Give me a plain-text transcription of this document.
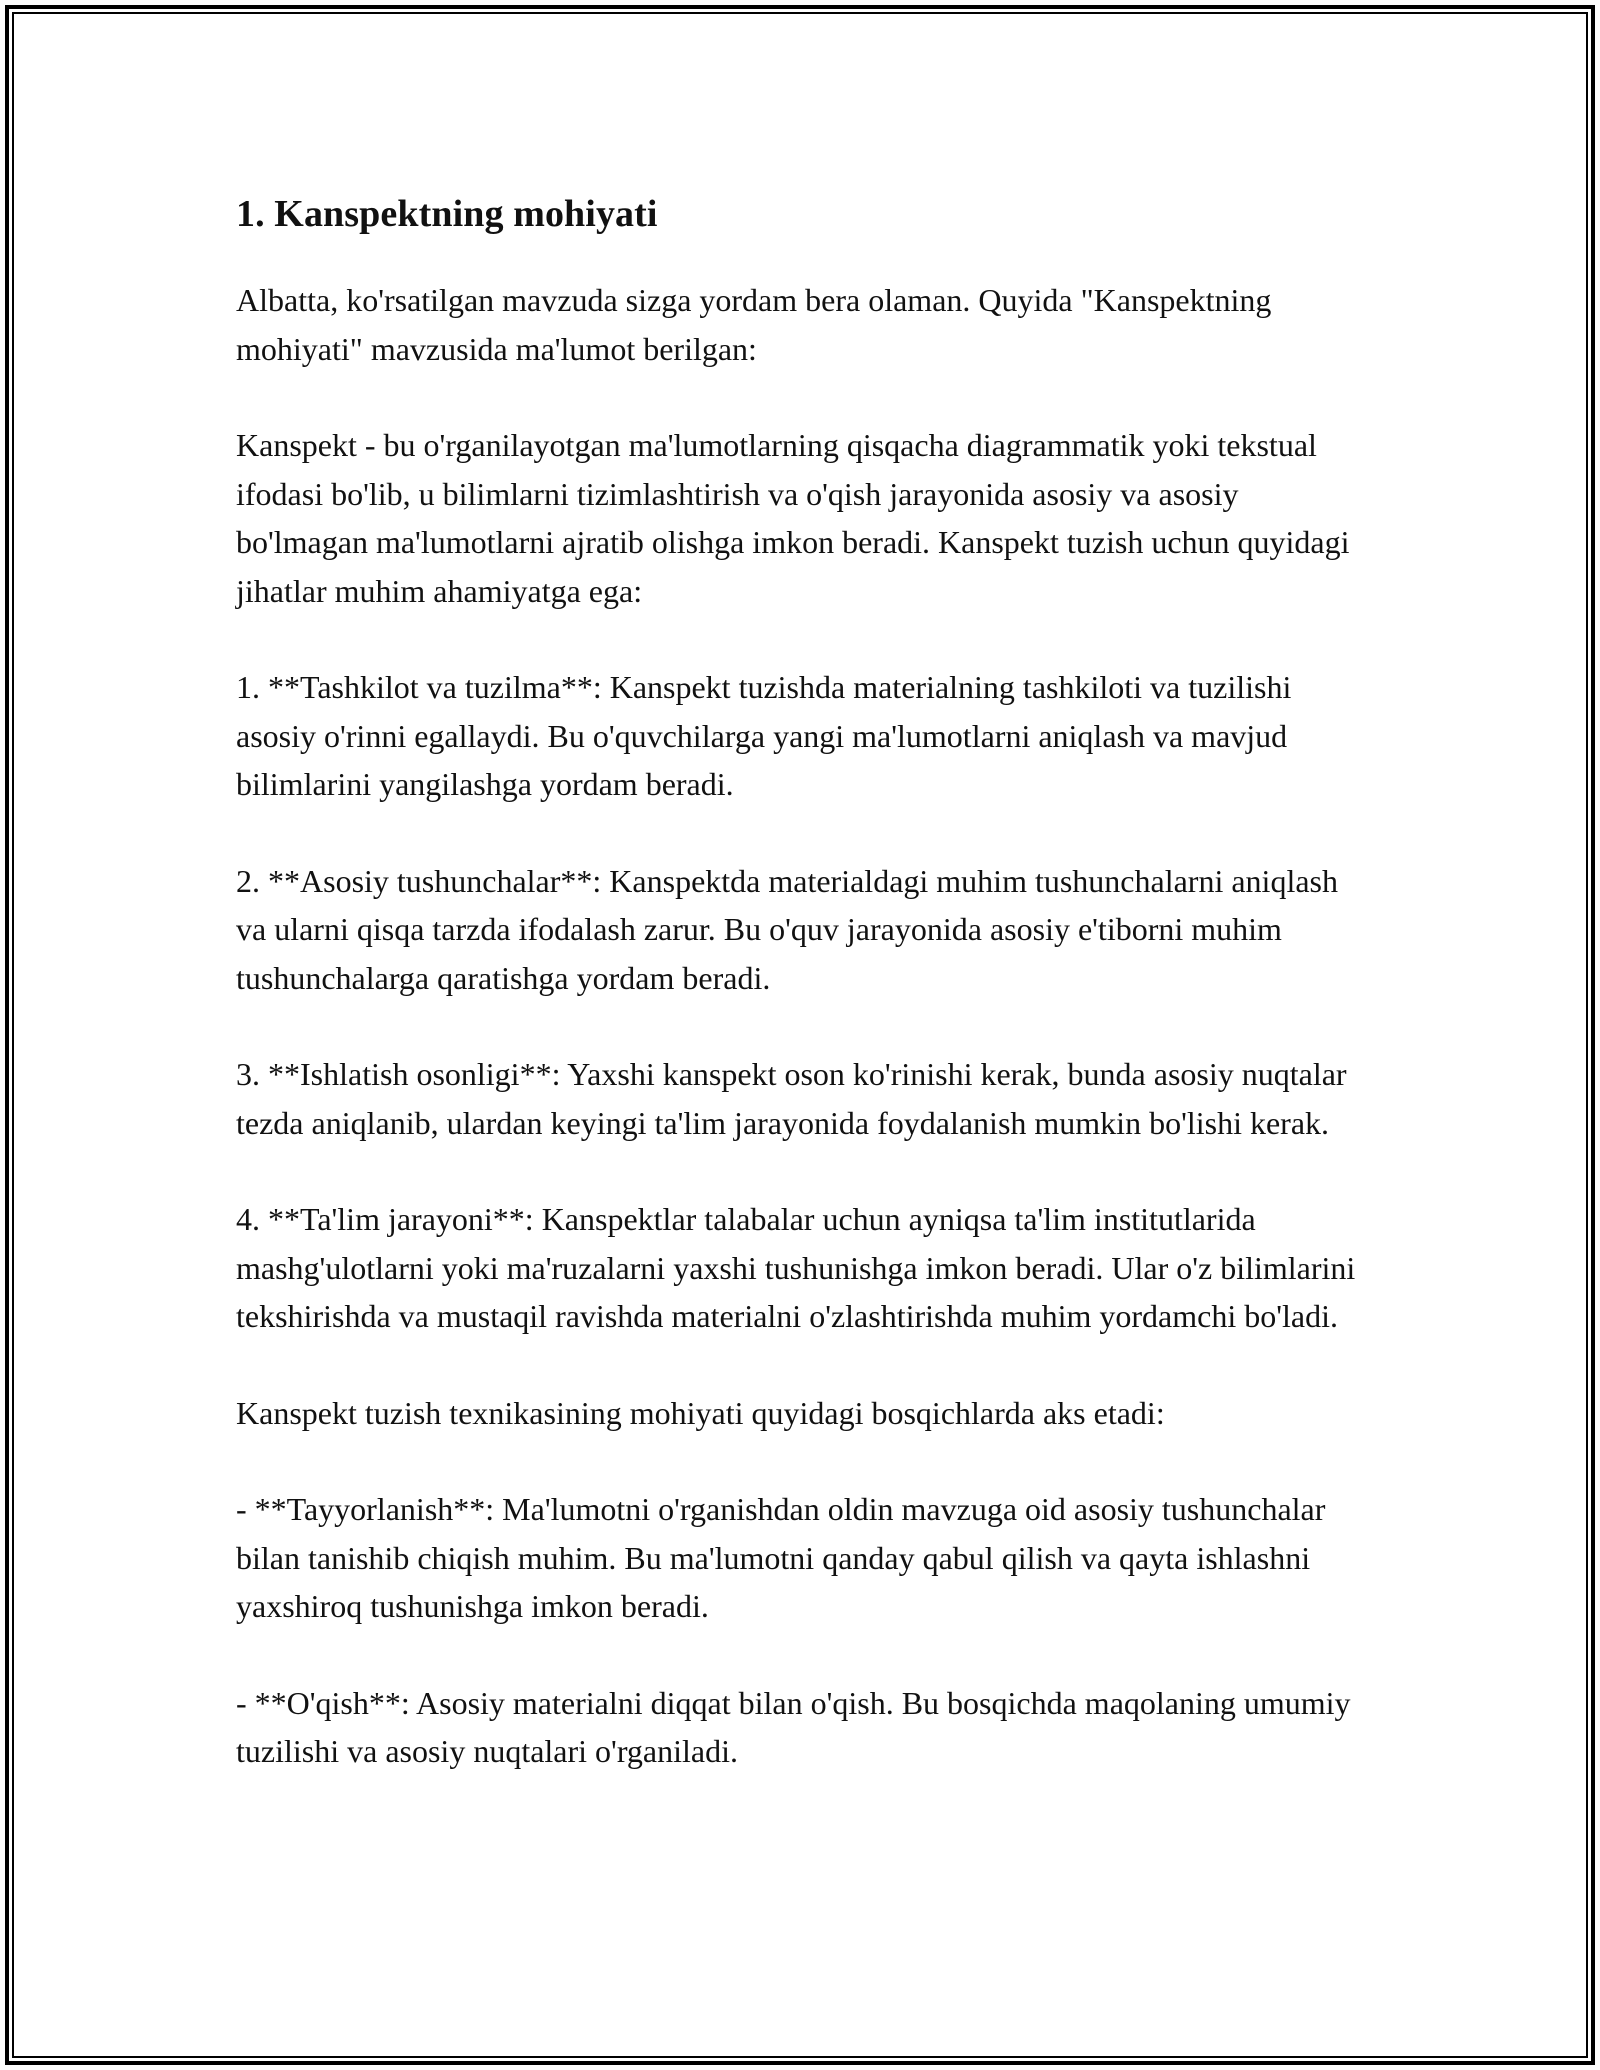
1. Kanspektning mohiyati

Albatta, ko'rsatilgan mavzuda sizga yordam bera olaman. Quyida "Kanspektning mohiyati" mavzusida ma'lumot berilgan:

Kanspekt - bu o'rganilayotgan ma'lumotlarning qisqacha diagrammatik yoki tekstual ifodasi bo'lib, u bilimlarni tizimlashtirish va o'qish jarayonida asosiy va asosiy bo'lmagan ma'lumotlarni ajratib olishga imkon beradi. Kanspekt tuzish uchun quyidagi jihatlar muhim ahamiyatga ega:

1. **Tashkilot va tuzilma**: Kanspekt tuzishda materialning tashkiloti va tuzilishi asosiy o'rinni egallaydi. Bu o'quvchilarga yangi ma'lumotlarni aniqlash va mavjud bilimlarini yangilashga yordam beradi.

2. **Asosiy tushunchalar**: Kanspektda materialdagi muhim tushunchalarni aniqlash va ularni qisqa tarzda ifodalash zarur. Bu o'quv jarayonida asosiy e'tiborni muhim tushunchalarga qaratishga yordam beradi.

3. **Ishlatish osonligi**: Yaxshi kanspekt oson ko'rinishi kerak, bunda asosiy nuqtalar tezda aniqlanib, ulardan keyingi ta'lim jarayonida foydalanish mumkin bo'lishi kerak.

4. **Ta'lim jarayoni**: Kanspektlar talabalar uchun ayniqsa ta'lim institutlarida mashg'ulotlarni yoki ma'ruzalarni yaxshi tushunishga imkon beradi. Ular o'z bilimlarini tekshirishda va mustaqil ravishda materialni o'zlashtirishda muhim yordamchi bo'ladi.

Kanspekt tuzish texnikasining mohiyati quyidagi bosqichlarda aks etadi:

- **Tayyorlanish**: Ma'lumotni o'rganishdan oldin mavzuga oid asosiy tushunchalar bilan tanishib chiqish muhim. Bu ma'lumotni qanday qabul qilish va qayta ishlashni yaxshiroq tushunishga imkon beradi.

- **O'qish**: Asosiy materialni diqqat bilan o'qish. Bu bosqichda maqolaning umumiy tuzilishi va asosiy nuqtalari o'rganiladi.
